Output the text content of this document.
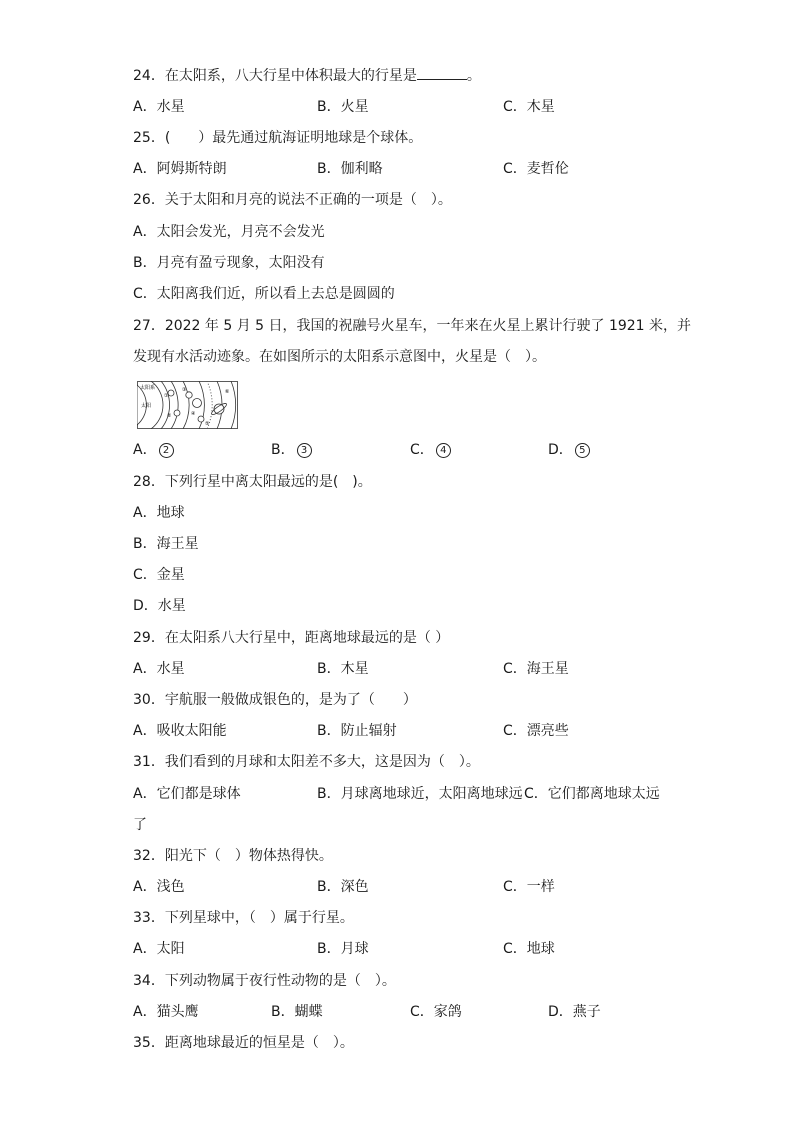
24．在太阳系，八大行星中体积最大的行星是	。
A．水星	B．火星	C．木星
25．(　　）最先通过航海证明地球是个球体。
A．阿姆斯特朗	B．伽利略	C．麦哲伦
26．关于太阳和月亮的说法不正确的一项是（　）。
A．太阳会发光，月亮不会发光
B．月亮有盈亏现象，太阳没有
C．太阳离我们近，所以看上去总是圆圆的
27．2022 年 5 月 5 日，我国的祝融号火星车，一年来在火星上累计行驶了 1921 米，并
发现有水活动迹象。在如图所示的太阳系示意图中，火星是（　）。
太阳系
太阳
①
②
③
④
⑤
⑥
A． 2	B． 3	C． 4	D． 5
28．下列行星中离太阳最远的是(　)。
A．地球
B．海王星
C．金星
D．水星
29．在太阳系八大行星中，距离地球最远的是（ ）
A．水星	B．木星	C．海王星
30．宇航服一般做成银色的，是为了（　　）
A．吸收太阳能	B．防止辐射	C．漂亮些
31．我们看到的月球和太阳差不多大，这是因为（　）。
A．它们都是球体	B．月球离地球近，太阳离地球远 C．它们都离地球太远
了
32．阳光下（　）物体热得快。
A．浅色	B．深色	C．一样
33．下列星球中，（　）属于行星。
A．太阳	B．月球	C．地球
34．下列动物属于夜行性动物的是（　）。
A．猫头鹰	B．蝴蝶	C．家鸽	D．燕子
35．距离地球最近的恒星是（　）。
